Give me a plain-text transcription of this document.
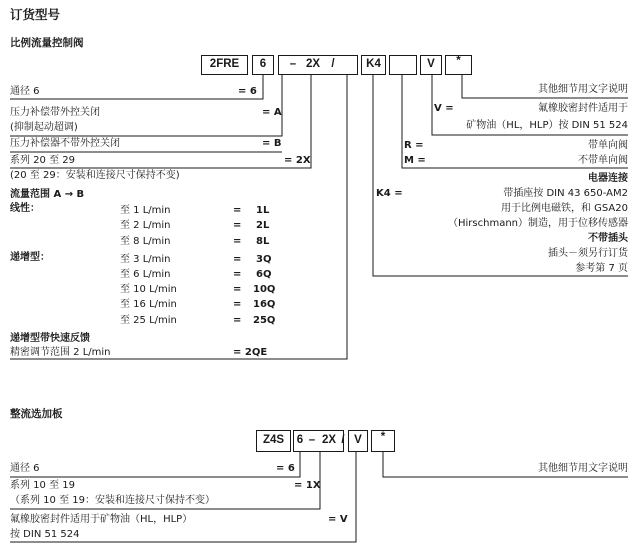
订货型号
比例流量控制阀
2FRE	6	– 2X /	K4	V	*
通径 6	= 6
压力补偿带外控关闭	= A
(抑制起动超调)
压力补偿器不带外控关闭	= B
系列 20 至 29	= 2X
(20 至 29：安装和连接尺寸保持不变)
流量范围 A → B
线性：	至 1 L/min	= 1L
至 2 L/min	= 2L
至 8 L/min	= 8L
递增型：	至 3 L/min	= 3Q
至 6 L/min	= 6Q
至 10 L/min	= 10Q
至 16 L/min	= 16Q
至 25 L/min	= 25Q
递增型带快速反馈
精密调节范围 2 L/min	= 2QE
其他细节用文字说明
V =	氟橡胶密封件适用于
矿物油（HL，HLP）按 DIN 51 524
R =	带单向阀
M =	不带单向阀
电器连接
K4 =	带插座按 DIN 43 650-AM2
用于比例电磁铁，和 GSA20
（Hirschmann）制造，用于位移传感器
不带插头
插头－须另行订货
参考第 7 页
整流选加板
Z4S	6 – 2X / V	*
通径 6	= 6
系列 10 至 19	= 1X
（系列 10 至 19：安装和连接尺寸保持不变）
氟橡胶密封件适用于矿物油（HL，HLP）	= V
按 DIN 51 524
其他细节用文字说明
